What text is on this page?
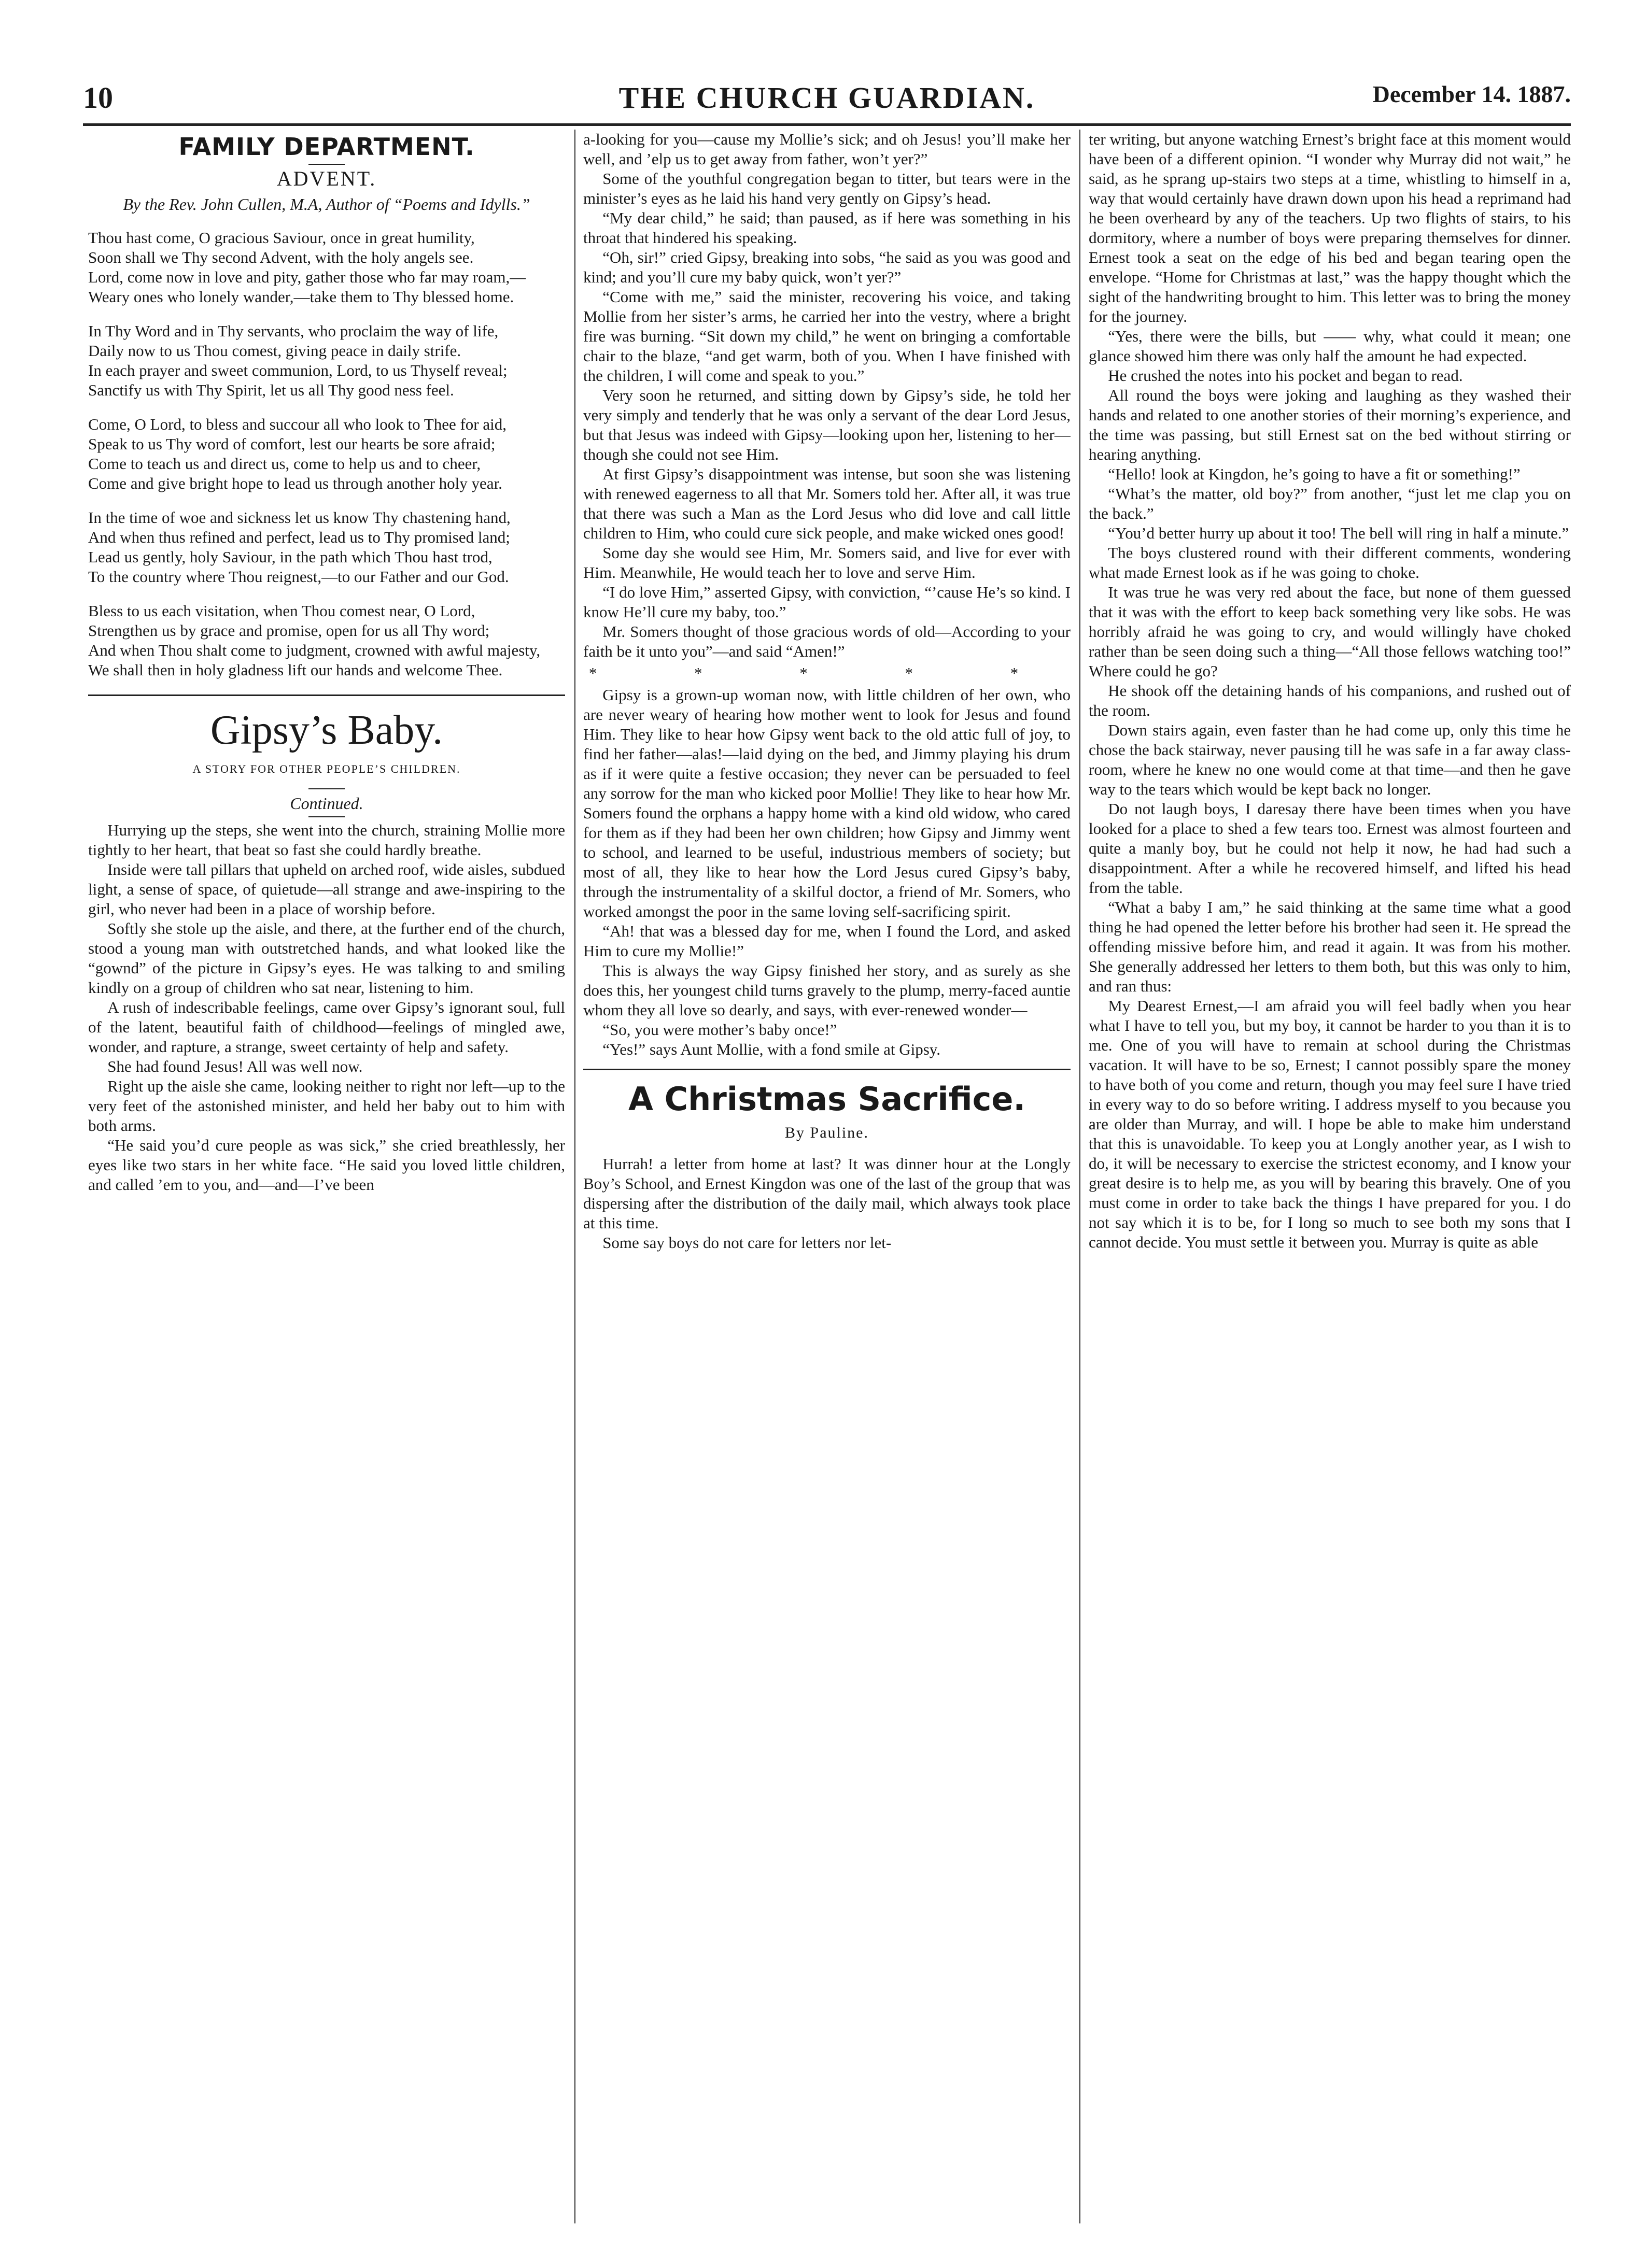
10	THE CHURCH GUARDIAN.	December 14. 1887.
FAMILY DEPARTMENT.
ADVENT.
By the Rev. John Cullen, M.A, Author of “Poems and Idylls.”
Thou hast come, O gracious Saviour, once in great humility,
Soon shall we Thy second Advent, with the holy angels see.
Lord, come now in love and pity, gather those who far may roam,—
Weary ones who lonely wander,—take them to Thy blessed home.
In Thy Word and in Thy servants, who proclaim the way of life,
Daily now to us Thou comest, giving peace in daily strife.
In each prayer and sweet communion, Lord, to us Thyself reveal;
Sanctify us with Thy Spirit, let us all Thy good ness feel.
Come, O Lord, to bless and succour all who look to Thee for aid,
Speak to us Thy word of comfort, lest our hearts be sore afraid;
Come to teach us and direct us, come to help us and to cheer,
Come and give bright hope to lead us through another holy year.
In the time of woe and sickness let us know Thy chastening hand,
And when thus refined and perfect, lead us to Thy promised land;
Lead us gently, holy Saviour, in the path which Thou hast trod,
To the country where Thou reignest,—to our Father and our God.
Bless to us each visitation, when Thou comest near, O Lord,
Strengthen us by grace and promise, open for us all Thy word;
And when Thou shalt come to judgment, crowned with awful majesty,
We shall then in holy gladness lift our hands and welcome Thee.
Gipsy’s Baby.
A STORY FOR OTHER PEOPLE’S CHILDREN.
Continued.

Hurrying up the steps, she went into the church, straining Mollie more tightly to her heart, that beat so fast she could hardly breathe.

Inside were tall pillars that upheld on arched roof, wide aisles, subdued light, a sense of space, of quietude—all strange and awe-inspiring to the girl, who never had been in a place of worship before.

Softly she stole up the aisle, and there, at the further end of the church, stood a young man with outstretched hands, and what looked like the “gownd” of the picture in Gipsy’s eyes. He was talking to and smiling kindly on a group of children who sat near, listening to him.

A rush of indescribable feelings, came over Gipsy’s ignorant soul, full of the latent, beautiful faith of childhood—feelings of mingled awe, wonder, and rapture, a strange, sweet certainty of help and safety.

She had found Jesus! All was well now.

Right up the aisle she came, looking neither to right nor left—up to the very feet of the astonished minister, and held her baby out to him with both arms.

“He said you’d cure people as was sick,” she cried breathlessly, her eyes like two stars in her white face. “He said you loved little children, and called ’em to you, and—and—I’ve been

a-looking for you—cause my Mollie’s sick; and oh Jesus! you’ll make her well, and ’elp us to get away from father, won’t yer?”

Some of the youthful congregation began to titter, but tears were in the minister’s eyes as he laid his hand very gently on Gipsy’s head.

“My dear child,” he said; than paused, as if here was something in his throat that hindered his speaking.

“Oh, sir!” cried Gipsy, breaking into sobs, “he said as you was good and kind; and you’ll cure my baby quick, won’t yer?”

“Come with me,” said the minister, recovering his voice, and taking Mollie from her sister’s arms, he carried her into the vestry, where a bright fire was burning. “Sit down my child,” he went on bringing a comfortable chair to the blaze, “and get warm, both of you. When I have finished with the children, I will come and speak to you.”

Very soon he returned, and sitting down by Gipsy’s side, he told her very simply and tenderly that he was only a servant of the dear Lord Jesus, but that Jesus was indeed with Gipsy—looking upon her, listening to her—though she could not see Him.

At first Gipsy’s disappointment was intense, but soon she was listening with renewed eagerness to all that Mr. Somers told her. After all, it was true that there was such a Man as the Lord Jesus who did love and call little children to Him, who could cure sick people, and make wicked ones good!

Some day she would see Him, Mr. Somers said, and live for ever with Him. Meanwhile, He would teach her to love and serve Him.

“I do love Him,” asserted Gipsy, with conviction, “’cause He’s so kind. I know He’ll cure my baby, too.”

Mr. Somers thought of those gracious words of old—According to your faith be it unto you”—and said “Amen!”

* * * * *

Gipsy is a grown-up woman now, with little children of her own, who are never weary of hearing how mother went to look for Jesus and found Him. They like to hear how Gipsy went back to the old attic full of joy, to find her father—alas!—laid dying on the bed, and Jimmy playing his drum as if it were quite a festive occasion; they never can be persuaded to feel any sorrow for the man who kicked poor Mollie! They like to hear how Mr. Somers found the orphans a happy home with a kind old widow, who cared for them as if they had been her own children; how Gipsy and Jimmy went to school, and learned to be useful, industrious members of society; but most of all, they like to hear how the Lord Jesus cured Gipsy’s baby, through the instrumentality of a skilful doctor, a friend of Mr. Somers, who worked amongst the poor in the same loving self-sacrificing spirit.

“Ah! that was a blessed day for me, when I found the Lord, and asked Him to cure my Mollie!”

This is always the way Gipsy finished her story, and as surely as she does this, her youngest child turns gravely to the plump, merry-faced auntie whom they all love so dearly, and says, with ever-renewed wonder—

“So, you were mother’s baby once!”

“Yes!” says Aunt Mollie, with a fond smile at Gipsy.

A Christmas Sacrifice.
By Pauline.

Hurrah! a letter from home at last? It was dinner hour at the Longly Boy’s School, and Ernest Kingdon was one of the last of the group that was dispersing after the distribution of the daily mail, which always took place at this time.

Some say boys do not care for letters nor let-

ter writing, but anyone watching Ernest’s bright face at this moment would have been of a different opinion. “I wonder why Murray did not wait,” he said, as he sprang up-stairs two steps at a time, whistling to himself in a, way that would certainly have drawn down upon his head a reprimand had he been overheard by any of the teachers. Up two flights of stairs, to his dormitory, where a number of boys were preparing themselves for dinner. Ernest took a seat on the edge of his bed and began tearing open the envelope. “Home for Christmas at last,” was the happy thought which the sight of the handwriting brought to him. This letter was to bring the money for the journey.

“Yes, there were the bills, but —— why, what could it mean; one glance showed him there was only half the amount he had expected.

He crushed the notes into his pocket and began to read.

All round the boys were joking and laughing as they washed their hands and related to one another stories of their morning’s experience, and the time was passing, but still Ernest sat on the bed without stirring or hearing anything.

“Hello! look at Kingdon, he’s going to have a fit or something!”

“What’s the matter, old boy?” from another, “just let me clap you on the back.”

“You’d better hurry up about it too! The bell will ring in half a minute.”

The boys clustered round with their different comments, wondering what made Ernest look as if he was going to choke.

It was true he was very red about the face, but none of them guessed that it was with the effort to keep back something very like sobs. He was horribly afraid he was going to cry, and would willingly have choked rather than be seen doing such a thing—“All those fellows watching too!” Where could he go?

He shook off the detaining hands of his companions, and rushed out of the room.

Down stairs again, even faster than he had come up, only this time he chose the back stairway, never pausing till he was safe in a far away class-room, where he knew no one would come at that time—and then he gave way to the tears which would be kept back no longer.

Do not laugh boys, I daresay there have been times when you have looked for a place to shed a few tears too. Ernest was almost fourteen and quite a manly boy, but he could not help it now, he had had such a disappointment. After a while he recovered himself, and lifted his head from the table.

“What a baby I am,” he said thinking at the same time what a good thing he had opened the letter before his brother had seen it. He spread the offending missive before him, and read it again. It was from his mother. She generally addressed her letters to them both, but this was only to him, and ran thus:

My Dearest Ernest,—I am afraid you will feel badly when you hear what I have to tell you, but my boy, it cannot be harder to you than it is to me. One of you will have to remain at school during the Christmas vacation. It will have to be so, Ernest; I cannot possibly spare the money to have both of you come and return, though you may feel sure I have tried in every way to do so before writing. I address myself to you because you are older than Murray, and will. I hope be able to make him understand that this is unavoidable. To keep you at Longly another year, as I wish to do, it will be necessary to exercise the strictest economy, and I know your great desire is to help me, as you will by bearing this bravely. One of you must come in order to take back the things I have prepared for you. I do not say which it is to be, for I long so much to see both my sons that I cannot decide. You must settle it between you. Murray is quite as able
